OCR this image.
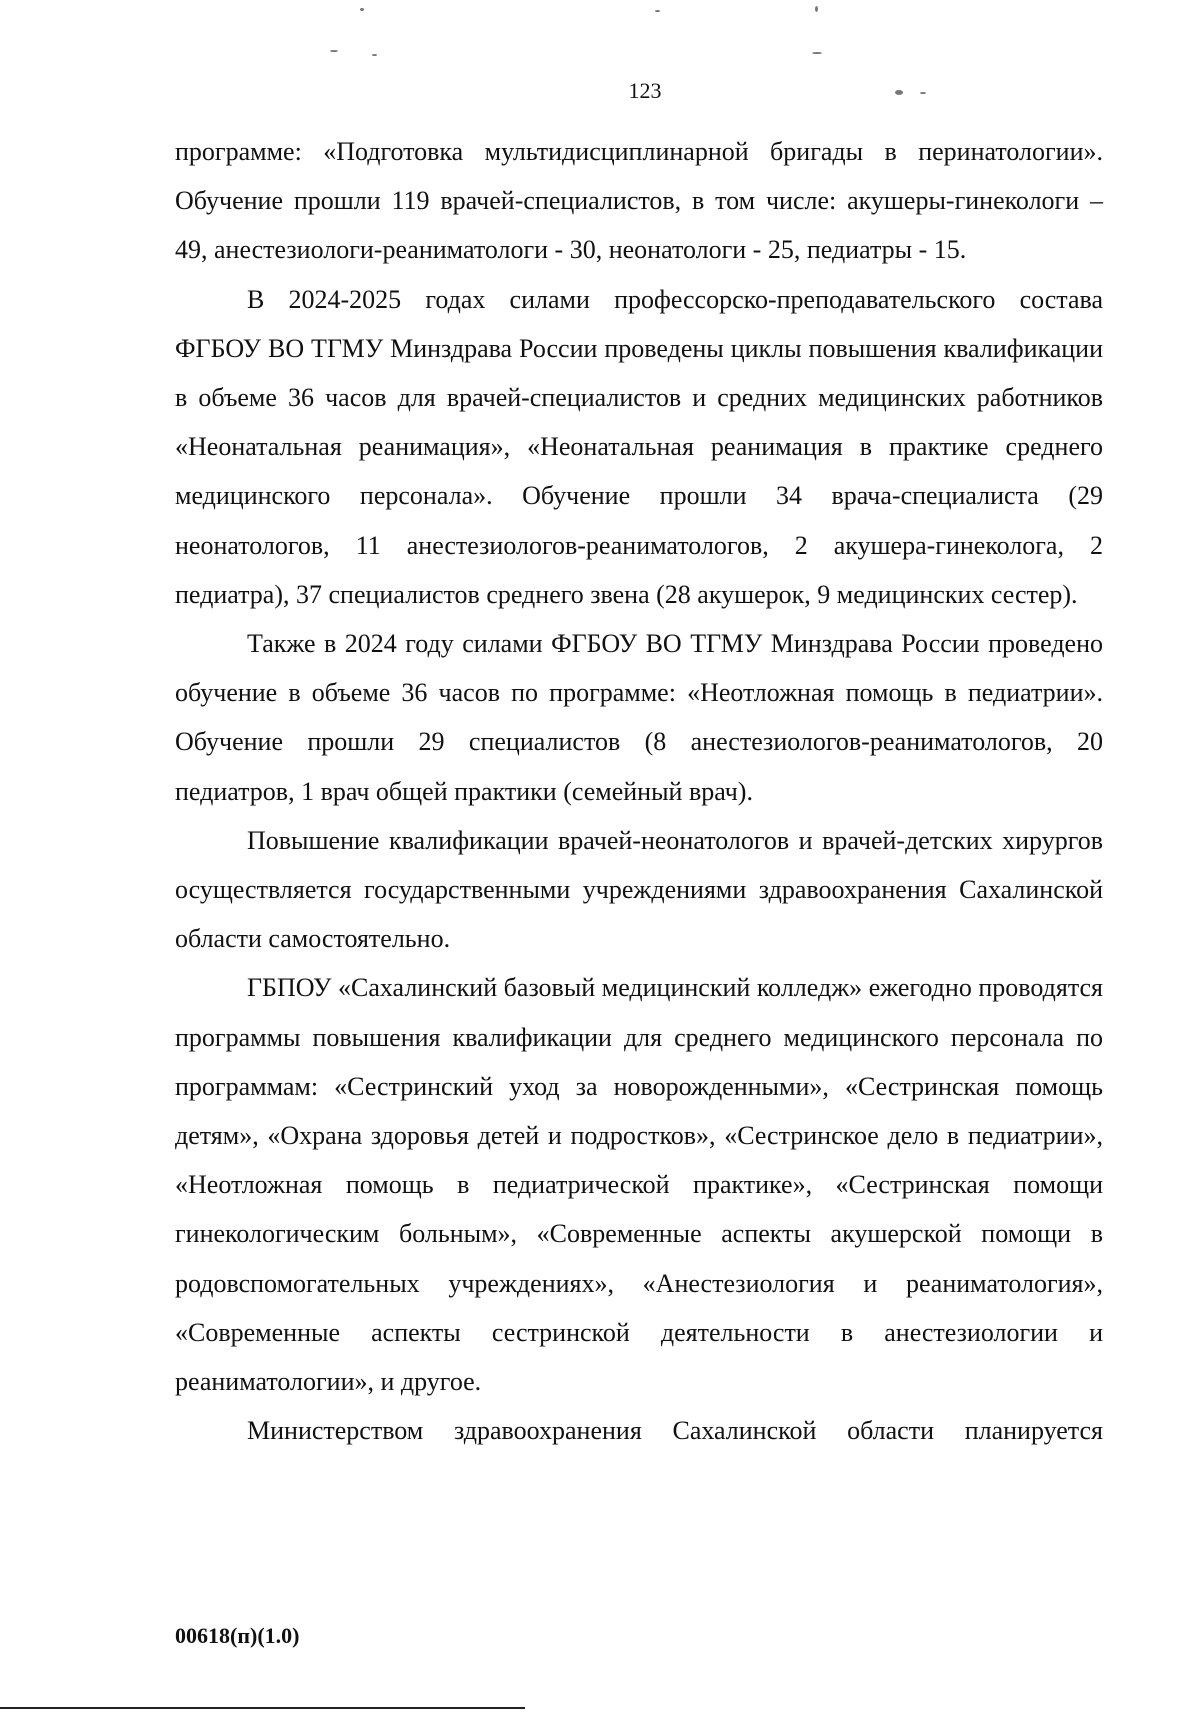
123

программе: «Подготовка мультидисциплинарной бригады в перинатологии». Обучение прошли 119 врачей-специалистов, в том числе: акушеры-гинекологи – 49, анестезиологи-реаниматологи - 30, неонатологи - 25, педиатры - 15.

В 2024-2025 годах силами профессорско-преподавательского состава ФГБОУ ВО ТГМУ Минздрава России проведены циклы повышения квалификации в объеме 36 часов для врачей-специалистов и средних медицинских работников «Неонатальная реанимация», «Неонатальная реанимация в практике среднего медицинского персонала». Обучение прошли 34 врача-специалиста (29 неонатологов, 11 анестезиологов-реаниматологов, 2 акушера-гинеколога, 2 педиатра), 37 специалистов среднего звена (28 акушерок, 9 медицинских сестер).

Также в 2024 году силами ФГБОУ ВО ТГМУ Минздрава России проведено обучение в объеме 36 часов по программе: «Неотложная помощь в педиатрии». Обучение прошли 29 специалистов (8 анестезиологов-реаниматологов, 20 педиатров, 1 врач общей практики (семейный врач).

Повышение квалификации врачей-неонатологов и врачей-детских хирургов осуществляется государственными учреждениями здравоохранения Сахалинской области самостоятельно.

ГБПОУ «Сахалинский базовый медицинский колледж» ежегодно проводятся программы повышения квалификации для среднего медицинского персонала по программам: «Сестринский уход за новорожденными», «Сестринская помощь детям», «Охрана здоровья детей и подростков», «Сестринское дело в педиатрии», «Неотложная помощь в педиатрической практике», «Сестринская помощи гинекологическим больным», «Современные аспекты акушерской помощи в родовспомогательных учреждениях», «Анестезиология и реаниматология», «Современные аспекты сестринской деятельности в анестезиологии и реаниматологии», и другое.

Министерством здравоохранения Сахалинской области планируется

00618(п)(1.0)
